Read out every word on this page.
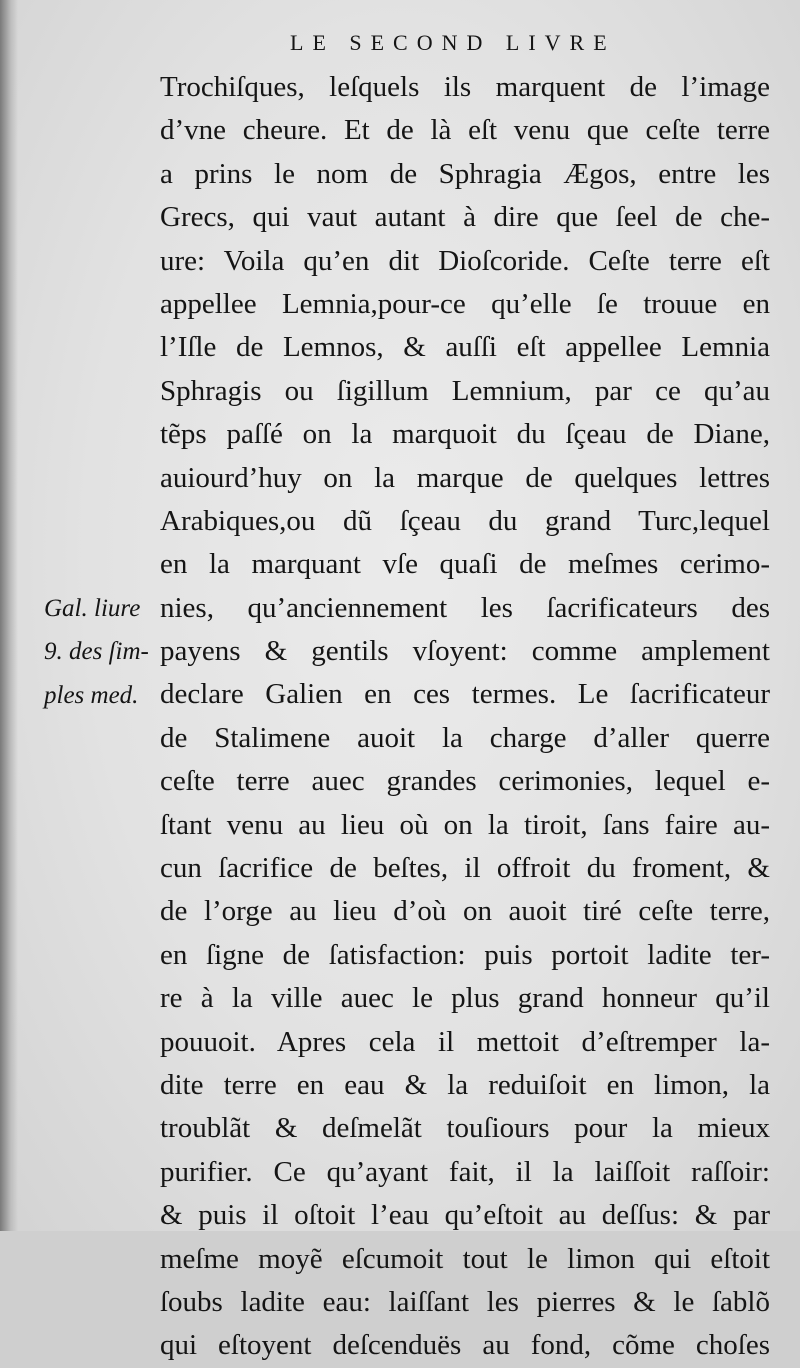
LE SECOND LIVRE
Gal. liure
9. des ſim-
ples med.
Trochiſques, leſquels ils marquent de l’image
d’vne cheure. Et de là eſt venu que ceſte terre
a prins le nom de Sphragia Ægos, entre les
Grecs, qui vaut autant à dire que ſeel de che-
ure: Voila qu’en dit Dioſcoride. Ceſte terre eſt
appellee Lemnia,pour-ce qu’elle ſe trouue en
l’Iſle de Lemnos, & auſſi eſt appellee Lemnia
Sphragis ou ſigillum Lemnium, par ce qu’au
tẽps paſſé on la marquoit du ſçeau de Diane,
auiourd’huy on la marque de quelques lettres
Arabiques,ou dũ ſçeau du grand Turc,lequel
en la marquant vſe quaſi de meſmes cerimo-
nies, qu’anciennement les ſacrificateurs des
payens & gentils vſoyent: comme amplement
declare Galien en ces termes. Le ſacrificateur
de Stalimene auoit la charge d’aller querre
ceſte terre auec grandes cerimonies, lequel e-
ſtant venu au lieu où on la tiroit, ſans faire au-
cun ſacrifice de beſtes, il offroit du froment, &
de l’orge au lieu d’où on auoit tiré ceſte terre,
en ſigne de ſatisfaction: puis portoit ladite ter-
re à la ville auec le plus grand honneur qu’il
pouuoit. Apres cela il mettoit d’eſtremper la-
dite terre en eau & la reduiſoit en limon, la
troublãt & deſmelãt touſiours pour la mieux
purifier. Ce qu’ayant fait, il la laiſſoit raſſoir:
& puis il oſtoit l’eau qu’eſtoit au deſſus: & par
meſme moyẽ eſcumoit tout le limon qui eſtoit
ſoubs ladite eau: laiſſant les pierres & le ſablõ
qui eſtoyent deſcenduës au fond, cõme choſes
